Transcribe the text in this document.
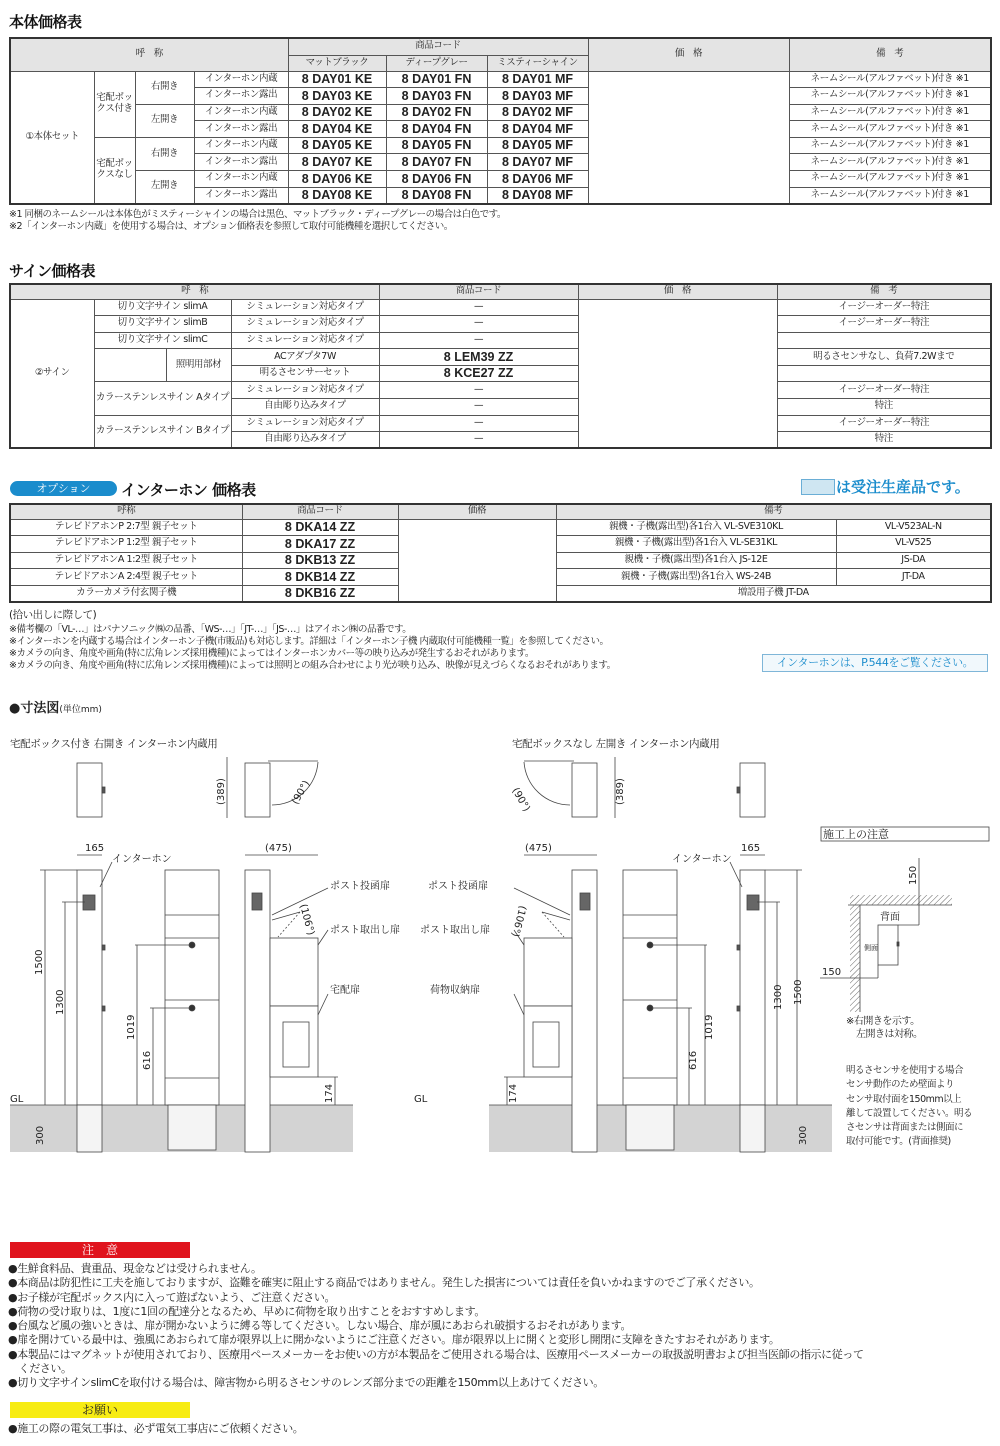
本体価格表
呼　称				商品コード			価　格	備　考
				マットブラック	ディープグレー	ミスティーシャイン		
①本体セット	宅配ボックス付き	右開き	インターホン内蔵	8 DAY01 KE	8 DAY01 FN	8 DAY01 MF		ネームシール(アルファベット)付き ※1
			インターホン露出	8 DAY03 KE	8 DAY03 FN	8 DAY03 MF		ネームシール(アルファベット)付き ※1
		左開き	インターホン内蔵	8 DAY02 KE	8 DAY02 FN	8 DAY02 MF		ネームシール(アルファベット)付き ※1
			インターホン露出	8 DAY04 KE	8 DAY04 FN	8 DAY04 MF		ネームシール(アルファベット)付き ※1
	宅配ボックスなし	右開き	インターホン内蔵	8 DAY05 KE	8 DAY05 FN	8 DAY05 MF		ネームシール(アルファベット)付き ※1
			インターホン露出	8 DAY07 KE	8 DAY07 FN	8 DAY07 MF		ネームシール(アルファベット)付き ※1
		左開き	インターホン内蔵	8 DAY06 KE	8 DAY06 FN	8 DAY06 MF		ネームシール(アルファベット)付き ※1
			インターホン露出	8 DAY08 KE	8 DAY08 FN	8 DAY08 MF		ネームシール(アルファベット)付き ※1
※1 同梱のネームシールは本体色がミスティーシャインの場合は黒色、マットブラック・ディープグレーの場合は白色です。
※2「インターホン内蔵」を使用する場合は、オプション価格表を参照して取付可能機種を選択してください。
サイン価格表
呼　称				商品コード	価　格	備　考
②サイン	切り文字サイン slimA		シミュレーション対応タイプ	—		イージーオーダー特注
	切り文字サイン slimB		シミュレーション対応タイプ	—		イージーオーダー特注
	切り文字サイン slimC		シミュレーション対応タイプ	—		
		照明用部材	ACアダプタ7W	8 LEM39 ZZ		明るさセンサなし、負荷7.2Wまで
			明るさセンサーセット	8 KCE27 ZZ		
	カラーステンレスサイン Aタイプ		シミュレーション対応タイプ	—		イージーオーダー特注
			自由彫り込みタイプ	—		特注
	カラーステンレスサイン Bタイプ		シミュレーション対応タイプ	—		イージーオーダー特注
			自由彫り込みタイプ	—		特注
オプション	インターホン 価格表	は受注生産品です。
呼称	商品コード	価格	備考	
テレビドアホンP 2:7型 親子セット	8 DKA14 ZZ		親機・子機(露出型)各1台入 VL-SVE310KL	VL-V523AL-N
テレビドアホンP 1:2型 親子セット	8 DKA17 ZZ		親機・子機(露出型)各1台入 VL-SE31KL	VL-V525
テレビドアホンA 1:2型 親子セット	8 DKB13 ZZ		親機・子機(露出型)各1台入 JS-12E	JS-DA
テレビドアホンA 2:4型 親子セット	8 DKB14 ZZ		親機・子機(露出型)各1台入 WS-24B	JT-DA
カラーカメラ付玄関子機	8 DKB16 ZZ		増設用子機 JT-DA	
(拾い出しに際して)
※備考欄の「VL-…」はパナソニック㈱の品番、「WS-…」「JT-…」「JS-…」はアイホン㈱の品番です。
※インターホンを内蔵する場合はインターホン子機(市販品)も対応します。詳細は「インターホン子機 内蔵取付可能機種一覧」を参照してください。
※カメラの向き、角度や画角(特に広角レンズ採用機種)によってはインターホンカバー等の映り込みが発生するおそれがあります。
※カメラの向き、角度や画角(特に広角レンズ採用機種)によっては照明との組み合わせにより光が映り込み、映像が見えづらくなるおそれがあります。	インターホンは、P.544をご覧ください。
●寸法図(単位mm)
宅配ボックス付き 右開き インターホン内蔵用	宅配ボックスなし 左開き インターホン内蔵用
165	(475)
インターホン
ポスト投函扉
ポスト取出し扉
宅配扉
GL
1500
1300
1019
616
174
300
(389)	(90°)
(106°)
165
(475)
インターホン
ポスト投函扉
ポスト取出し扉
荷物収納扉
GL
1500
1300
1019
616
174
300
(389)
(90°)
(106°)
施工上の注意
背面
側面
150
150
※右開きを示す。
左開きは対称。
明るさセンサを使用する場合
センサ動作のため壁面より
センサ取付面を150mm以上
離して設置してください。明る
さセンサは背面または側面に
取付可能です。(背面推奨)
注　意
●生鮮食料品、貴重品、現金などは受けられません。
●本商品は防犯性に工夫を施しておりますが、盗難を確実に阻止する商品ではありません。発生した損害については責任を負いかねますのでご了承ください。
●お子様が宅配ボックス内に入って遊ばないよう、ご注意ください。
●荷物の受け取りは、1度に1回の配達分となるため、早めに荷物を取り出すことをおすすめします。
●台風など風の強いときは、扉が開かないように縛る等してください。しない場合、扉が風にあおられ破損するおそれがあります。
●扉を開けている最中は、強風にあおられて扉が限界以上に開かないようにご注意ください。扉が限界以上に開くと変形し開閉に支障をきたすおそれがあります。
●本製品にはマグネットが使用されており、医療用ペースメーカーをお使いの方が本製品をご使用される場合は、医療用ペースメーカーの取扱説明書および担当医師の指示に従って
　ください。
●切り文字サインslimCを取付ける場合は、障害物から明るさセンサのレンズ部分までの距離を150mm以上あけてください。
お願い
●施工の際の電気工事は、必ず電気工事店にご依頼ください。
